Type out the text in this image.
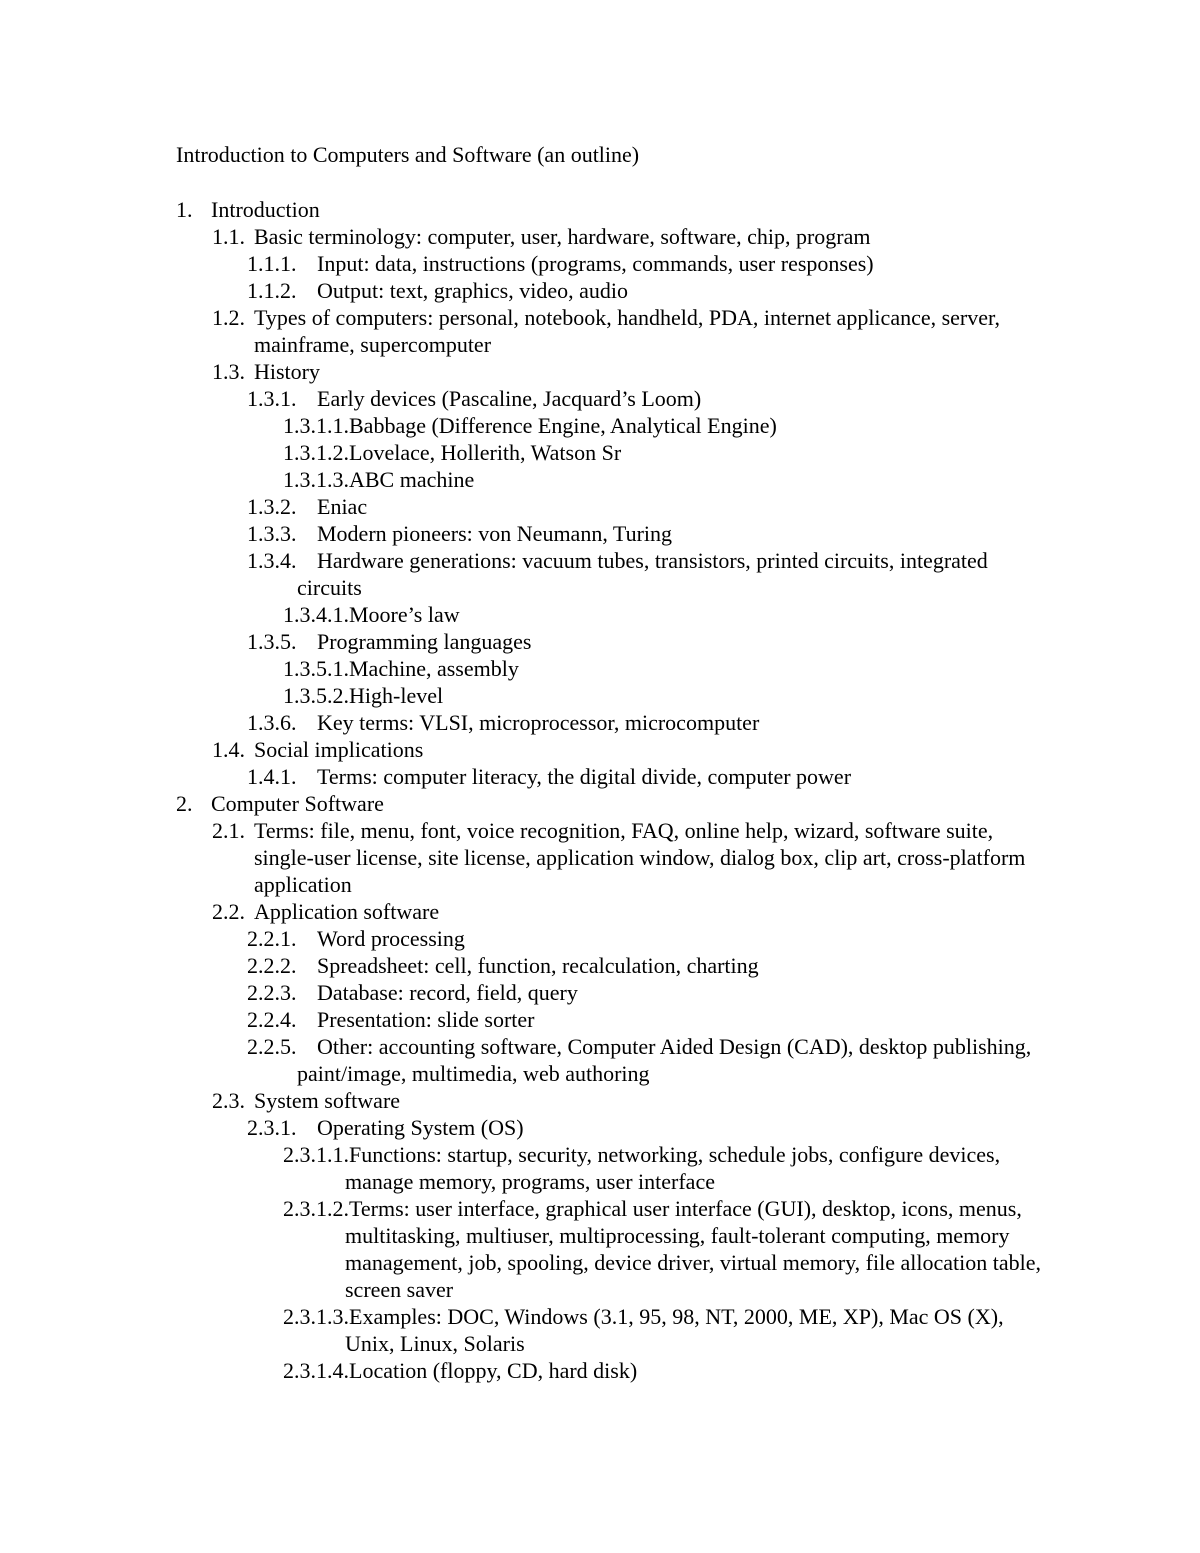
Introduction to Computers and Software (an outline)
1. Introduction
1.1. Basic terminology: computer, user, hardware, software, chip, program
1.1.1. Input: data, instructions (programs, commands, user responses)
1.1.2. Output: text, graphics, video, audio
1.2. Types of computers: personal, notebook, handheld, PDA, internet applicance, server,
mainframe, supercomputer
1.3. History
1.3.1. Early devices (Pascaline, Jacquard’s Loom)
1.3.1.1.Babbage (Difference Engine, Analytical Engine)
1.3.1.2.Lovelace, Hollerith, Watson Sr
1.3.1.3.ABC machine
1.3.2. Eniac
1.3.3. Modern pioneers: von Neumann, Turing
1.3.4. Hardware generations: vacuum tubes, transistors, printed circuits, integrated
circuits
1.3.4.1.Moore’s law
1.3.5. Programming languages
1.3.5.1.Machine, assembly
1.3.5.2.High-level
1.3.6. Key terms: VLSI, microprocessor, microcomputer
1.4. Social implications
1.4.1. Terms: computer literacy, the digital divide, computer power
2. Computer Software
2.1. Terms: file, menu, font, voice recognition, FAQ, online help, wizard, software suite,
single-user license, site license, application window, dialog box, clip art, cross-platform
application
2.2. Application software
2.2.1. Word processing
2.2.2. Spreadsheet: cell, function, recalculation, charting
2.2.3. Database: record, field, query
2.2.4. Presentation: slide sorter
2.2.5. Other: accounting software, Computer Aided Design (CAD), desktop publishing,
paint/image, multimedia, web authoring
2.3. System software
2.3.1. Operating System (OS)
2.3.1.1.Functions: startup, security, networking, schedule jobs, configure devices,
manage memory, programs, user interface
2.3.1.2.Terms: user interface, graphical user interface (GUI), desktop, icons, menus,
multitasking, multiuser, multiprocessing, fault-tolerant computing, memory
management, job, spooling, device driver, virtual memory, file allocation table,
screen saver
2.3.1.3.Examples: DOC, Windows (3.1, 95, 98, NT, 2000, ME, XP), Mac OS (X),
Unix, Linux, Solaris
2.3.1.4.Location (floppy, CD, hard disk)
